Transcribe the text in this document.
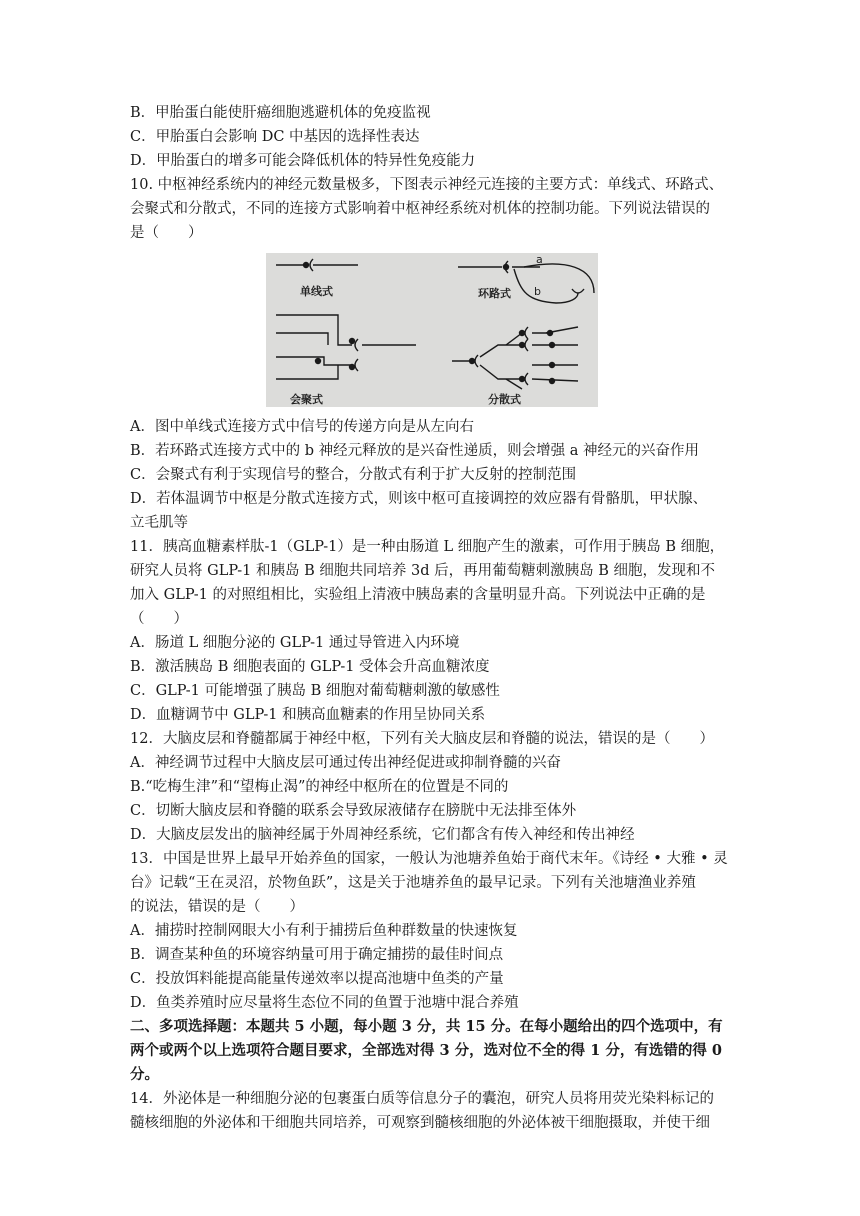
B．甲胎蛋白能使肝癌细胞逃避机体的免疫监视
C．甲胎蛋白会影响 DC 中基因的选择性表达
D．甲胎蛋白的增多可能会降低机体的特异性免疫能力
10. 中枢神经系统内的神经元数量极多，下图表示神经元连接的主要方式：单线式、环路式、
会聚式和分散式，不同的连接方式影响着中枢神经系统对机体的控制功能。下列说法错误的
是（　　）
单线式	环路式
会聚式	分散式
a
b
A．图中单线式连接方式中信号的传递方向是从左向右
B．若环路式连接方式中的 b 神经元释放的是兴奋性递质，则会增强 a 神经元的兴奋作用
C．会聚式有利于实现信号的整合，分散式有利于扩大反射的控制范围
D．若体温调节中枢是分散式连接方式，则该中枢可直接调控的效应器有骨骼肌，甲状腺、
立毛肌等
11．胰高血糖素样肽-1（GLP-1）是一种由肠道 L 细胞产生的激素，可作用于胰岛 B 细胞，
研究人员将 GLP-1 和胰岛 B 细胞共同培养 3d 后，再用葡萄糖刺激胰岛 B 细胞，发现和不
加入 GLP-1 的对照组相比，实验组上清液中胰岛素的含量明显升高。下列说法中正确的是
（　　）
A．肠道 L 细胞分泌的 GLP-1 通过导管进入内环境
B．激活胰岛 B 细胞表面的 GLP-1 受体会升高血糖浓度
C．GLP-1 可能增强了胰岛 B 细胞对葡萄糖刺激的敏感性
D．血糖调节中 GLP-1 和胰高血糖素的作用呈协同关系
12．大脑皮层和脊髓都属于神经中枢，下列有关大脑皮层和脊髓的说法，错误的是（　　）
A．神经调节过程中大脑皮层可通过传出神经促进或抑制脊髓的兴奋
B.“吃梅生津”和“望梅止渴”的神经中枢所在的位置是不同的
C．切断大脑皮层和脊髓的联系会导致尿液储存在膀胱中无法排至体外
D．大脑皮层发出的脑神经属于外周神经系统，它们都含有传入神经和传出神经
13．中国是世界上最早开始养鱼的国家，一般认为池塘养鱼始于商代末年。《诗经 • 大雅 • 灵
台》记载“王在灵沼，於物鱼跃”，这是关于池塘养鱼的最早记录。下列有关池塘渔业养殖
的说法，错误的是（　　）
A．捕捞时控制网眼大小有利于捕捞后鱼种群数量的快速恢复
B．调查某种鱼的环境容纳量可用于确定捕捞的最佳时间点
C．投放饵料能提高能量传递效率以提高池塘中鱼类的产量
D．鱼类养殖时应尽量将生态位不同的鱼置于池塘中混合养殖
二、多项选择题：本题共 5 小题，每小题 3 分，共 15 分。在每小题给出的四个选项中，有
两个或两个以上选项符合题目要求，全部选对得 3 分，选对位不全的得 1 分，有选错的得 0
分。
14．外泌体是一种细胞分泌的包裹蛋白质等信息分子的囊泡，研究人员将用荧光染料标记的
髓核细胞的外泌体和干细胞共同培养，可观察到髓核细胞的外泌体被干细胞摄取，并使干细
